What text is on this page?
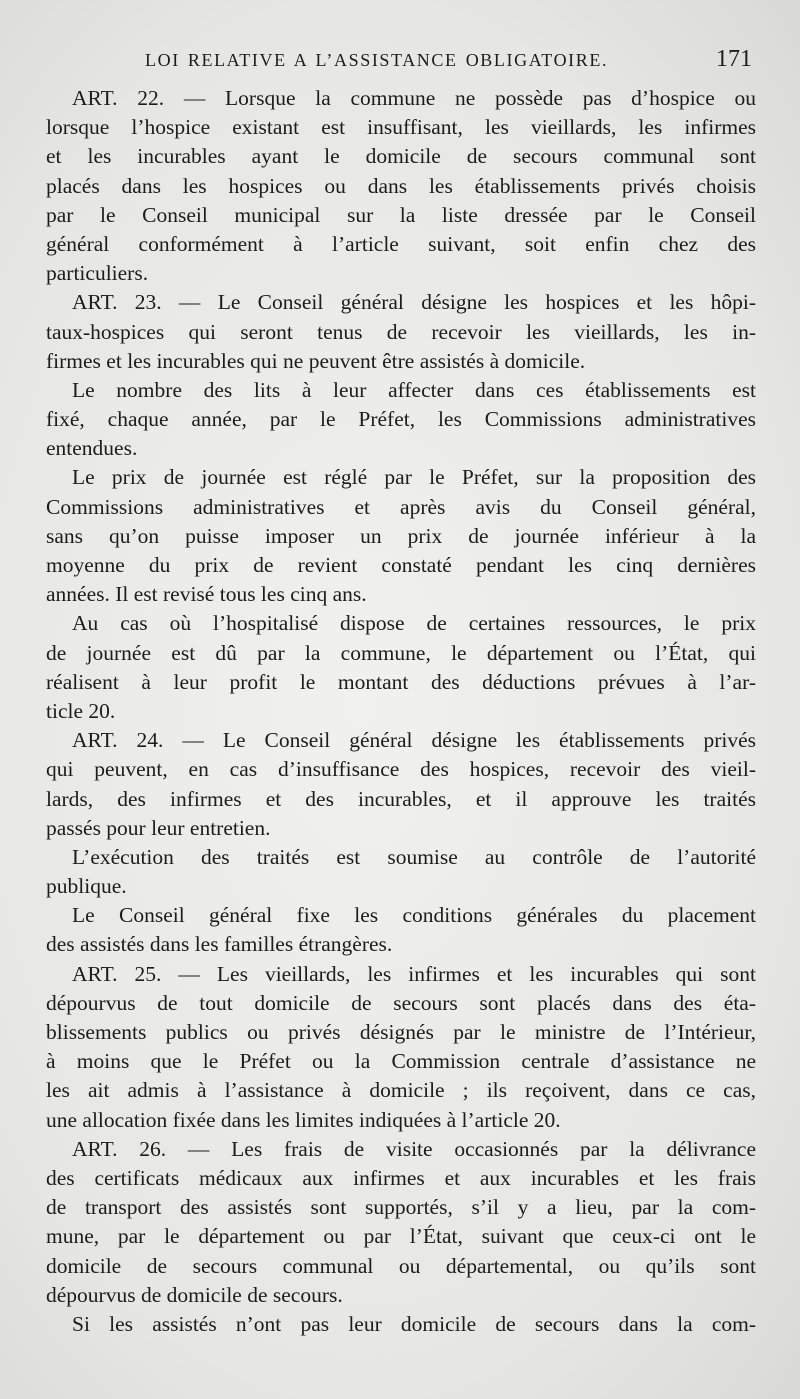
LOI RELATIVE A L’ASSISTANCE OBLIGATOIRE.	171
ART. 22. — Lorsque la commune ne possède pas d’hospice ou
lorsque l’hospice existant est insuffisant, les vieillards, les infirmes
et les incurables ayant le domicile de secours communal sont
placés dans les hospices ou dans les établissements privés choisis
par le Conseil municipal sur la liste dressée par le Conseil
général conformément à l’article suivant, soit enfin chez des
particuliers.
ART. 23. — Le Conseil général désigne les hospices et les hôpi-
taux-hospices qui seront tenus de recevoir les vieillards, les in-
firmes et les incurables qui ne peuvent être assistés à domicile.
Le nombre des lits à leur affecter dans ces établissements est
fixé, chaque année, par le Préfet, les Commissions administratives
entendues.
Le prix de journée est réglé par le Préfet, sur la proposition des
Commissions administratives et après avis du Conseil général,
sans qu’on puisse imposer un prix de journée inférieur à la
moyenne du prix de revient constaté pendant les cinq dernières
années. Il est revisé tous les cinq ans.
Au cas où l’hospitalisé dispose de certaines ressources, le prix
de journée est dû par la commune, le département ou l’État, qui
réalisent à leur profit le montant des déductions prévues à l’ar-
ticle 20.
ART. 24. — Le Conseil général désigne les établissements privés
qui peuvent, en cas d’insuffisance des hospices, recevoir des vieil-
lards, des infirmes et des incurables, et il approuve les traités
passés pour leur entretien.
L’exécution des traités est soumise au contrôle de l’autorité
publique.
Le Conseil général fixe les conditions générales du placement
des assistés dans les familles étrangères.
ART. 25. — Les vieillards, les infirmes et les incurables qui sont
dépourvus de tout domicile de secours sont placés dans des éta-
blissements publics ou privés désignés par le ministre de l’Intérieur,
à moins que le Préfet ou la Commission centrale d’assistance ne
les ait admis à l’assistance à domicile ; ils reçoivent, dans ce cas,
une allocation fixée dans les limites indiquées à l’article 20.
ART. 26. — Les frais de visite occasionnés par la délivrance
des certificats médicaux aux infirmes et aux incurables et les frais
de transport des assistés sont supportés, s’il y a lieu, par la com-
mune, par le département ou par l’État, suivant que ceux-ci ont le
domicile de secours communal ou départemental, ou qu’ils sont
dépourvus de domicile de secours.
Si les assistés n’ont pas leur domicile de secours dans la com-
